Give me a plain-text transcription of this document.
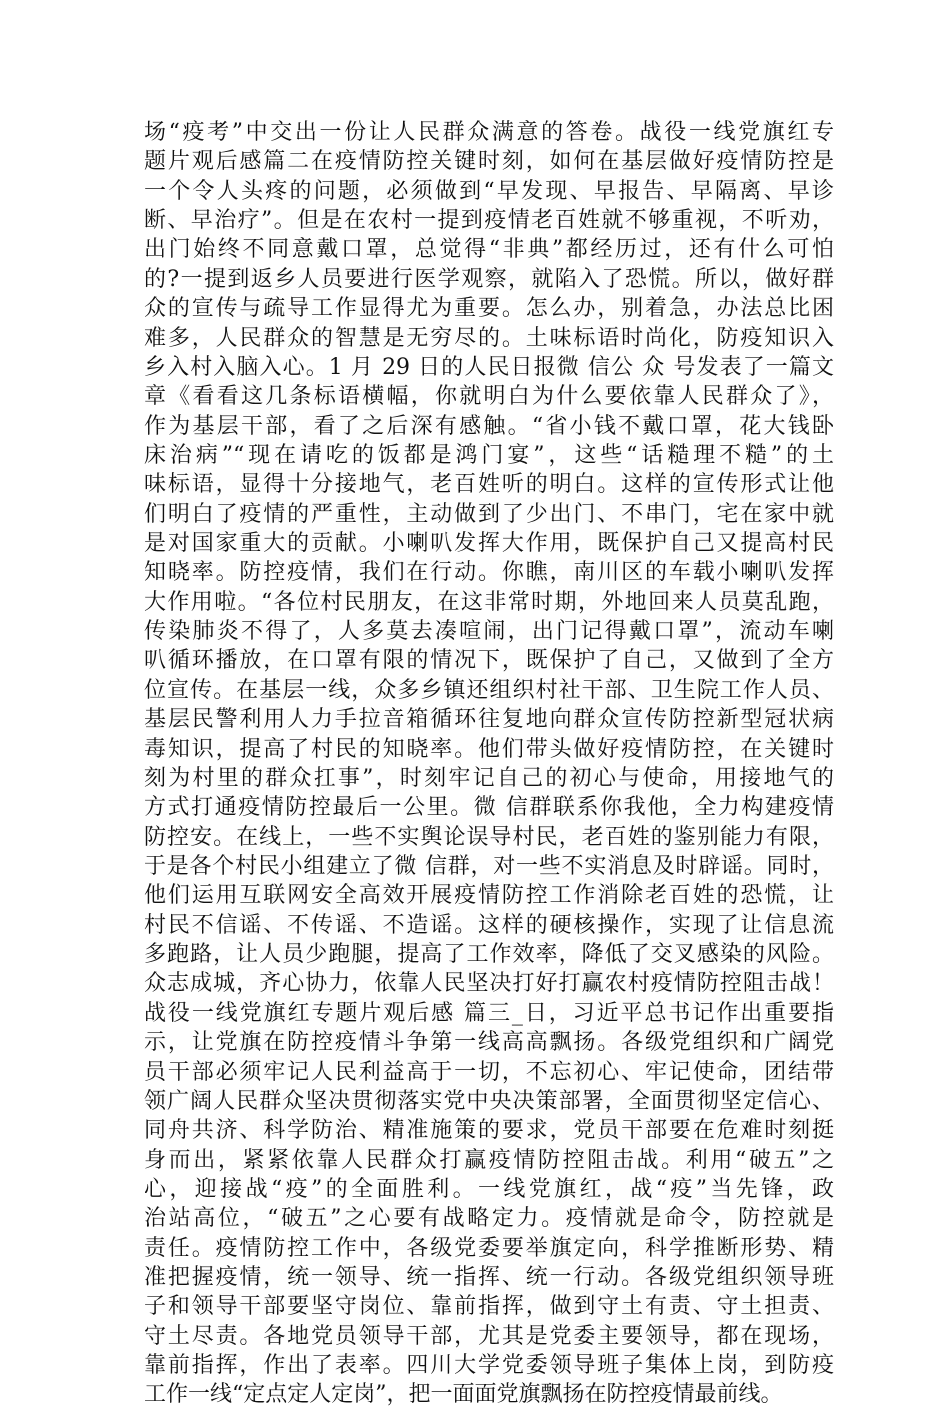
场“疫考”中交出一份让人民群众满意的答卷。战役一线党旗红专
题片观后感篇二在疫情防控关键时刻，如何在基层做好疫情防控是
一个令人头疼的问题，必须做到“早发现、早报告、早隔离、早诊
断、早治疗”。但是在农村一提到疫情老百姓就不够重视，不听劝，
出门始终不同意戴口罩，总觉得“非典”都经历过，还有什么可怕
的?一提到返乡人员要进行医学观察，就陷入了恐慌。所以，做好群
众的宣传与疏导工作显得尤为重要。怎么办，别着急，办法总比困
难多，人民群众的智慧是无穷尽的。土味标语时尚化，防疫知识入
乡入村入脑入心。1 月 29 日的人民日报微 信公 众 号发表了一篇文
章《看看这几条标语横幅，你就明白为什么要依靠人民群众了》，
作为基层干部，看了之后深有感触。“省小钱不戴口罩，花大钱卧
床治病”“现在请吃的饭都是鸿门宴”，这些“话糙理不糙”的土
味标语，显得十分接地气，老百姓听的明白。这样的宣传形式让他
们明白了疫情的严重性，主动做到了少出门、不串门，宅在家中就
是对国家重大的贡献。小喇叭发挥大作用，既保护自己又提高村民
知晓率。防控疫情，我们在行动。你瞧，南川区的车载小喇叭发挥
大作用啦。“各位村民朋友，在这非常时期，外地回来人员莫乱跑，
传染肺炎不得了，人多莫去凑喧闹，出门记得戴口罩”，流动车喇
叭循环播放，在口罩有限的情况下，既保护了自己，又做到了全方
位宣传。在基层一线，众多乡镇还组织村社干部、卫生院工作人员、
基层民警利用人力手拉音箱循环往复地向群众宣传防控新型冠状病
毒知识，提高了村民的知晓率。他们带头做好疫情防控，在关键时
刻为村里的群众扛事”，时刻牢记自己的初心与使命，用接地气的
方式打通疫情防控最后一公里。微 信群联系你我他，全力构建疫情
防控安。在线上，一些不实舆论误导村民，老百姓的鉴别能力有限，
于是各个村民小组建立了微 信群，对一些不实消息及时辟谣。同时，
他们运用互联网安全高效开展疫情防控工作消除老百姓的恐慌，让
村民不信谣、不传谣、不造谣。这样的硬核操作，实现了让信息流
多跑路，让人员少跑腿，提高了工作效率，降低了交叉感染的风险。
众志成城，齐心协力，依靠人民坚决打好打赢农村疫情防控阻击战！
战役一线党旗红专题片观后感 篇三_日，习近平总书记作出重要指
示，让党旗在防控疫情斗争第一线高高飘扬。各级党组织和广阔党
员干部必须牢记人民利益高于一切，不忘初心、牢记使命，团结带
领广阔人民群众坚决贯彻落实党中央决策部署，全面贯彻坚定信心、
同舟共济、科学防治、精准施策的要求，党员干部要在危难时刻挺
身而出，紧紧依靠人民群众打赢疫情防控阻击战。利用“破五”之
心，迎接战“疫”的全面胜利。一线党旗红，战“疫”当先锋，政
治站高位，“破五”之心要有战略定力。疫情就是命令，防控就是
责任。疫情防控工作中，各级党委要举旗定向，科学推断形势、精
准把握疫情，统一领导、统一指挥、统一行动。各级党组织领导班
子和领导干部要坚守岗位、靠前指挥，做到守土有责、守土担责、
守土尽责。各地党员领导干部，尤其是党委主要领导，都在现场，
靠前指挥，作出了表率。四川大学党委领导班子集体上岗，到防疫
工作一线“定点定人定岗”，把一面面党旗飘扬在防控疫情最前线。
